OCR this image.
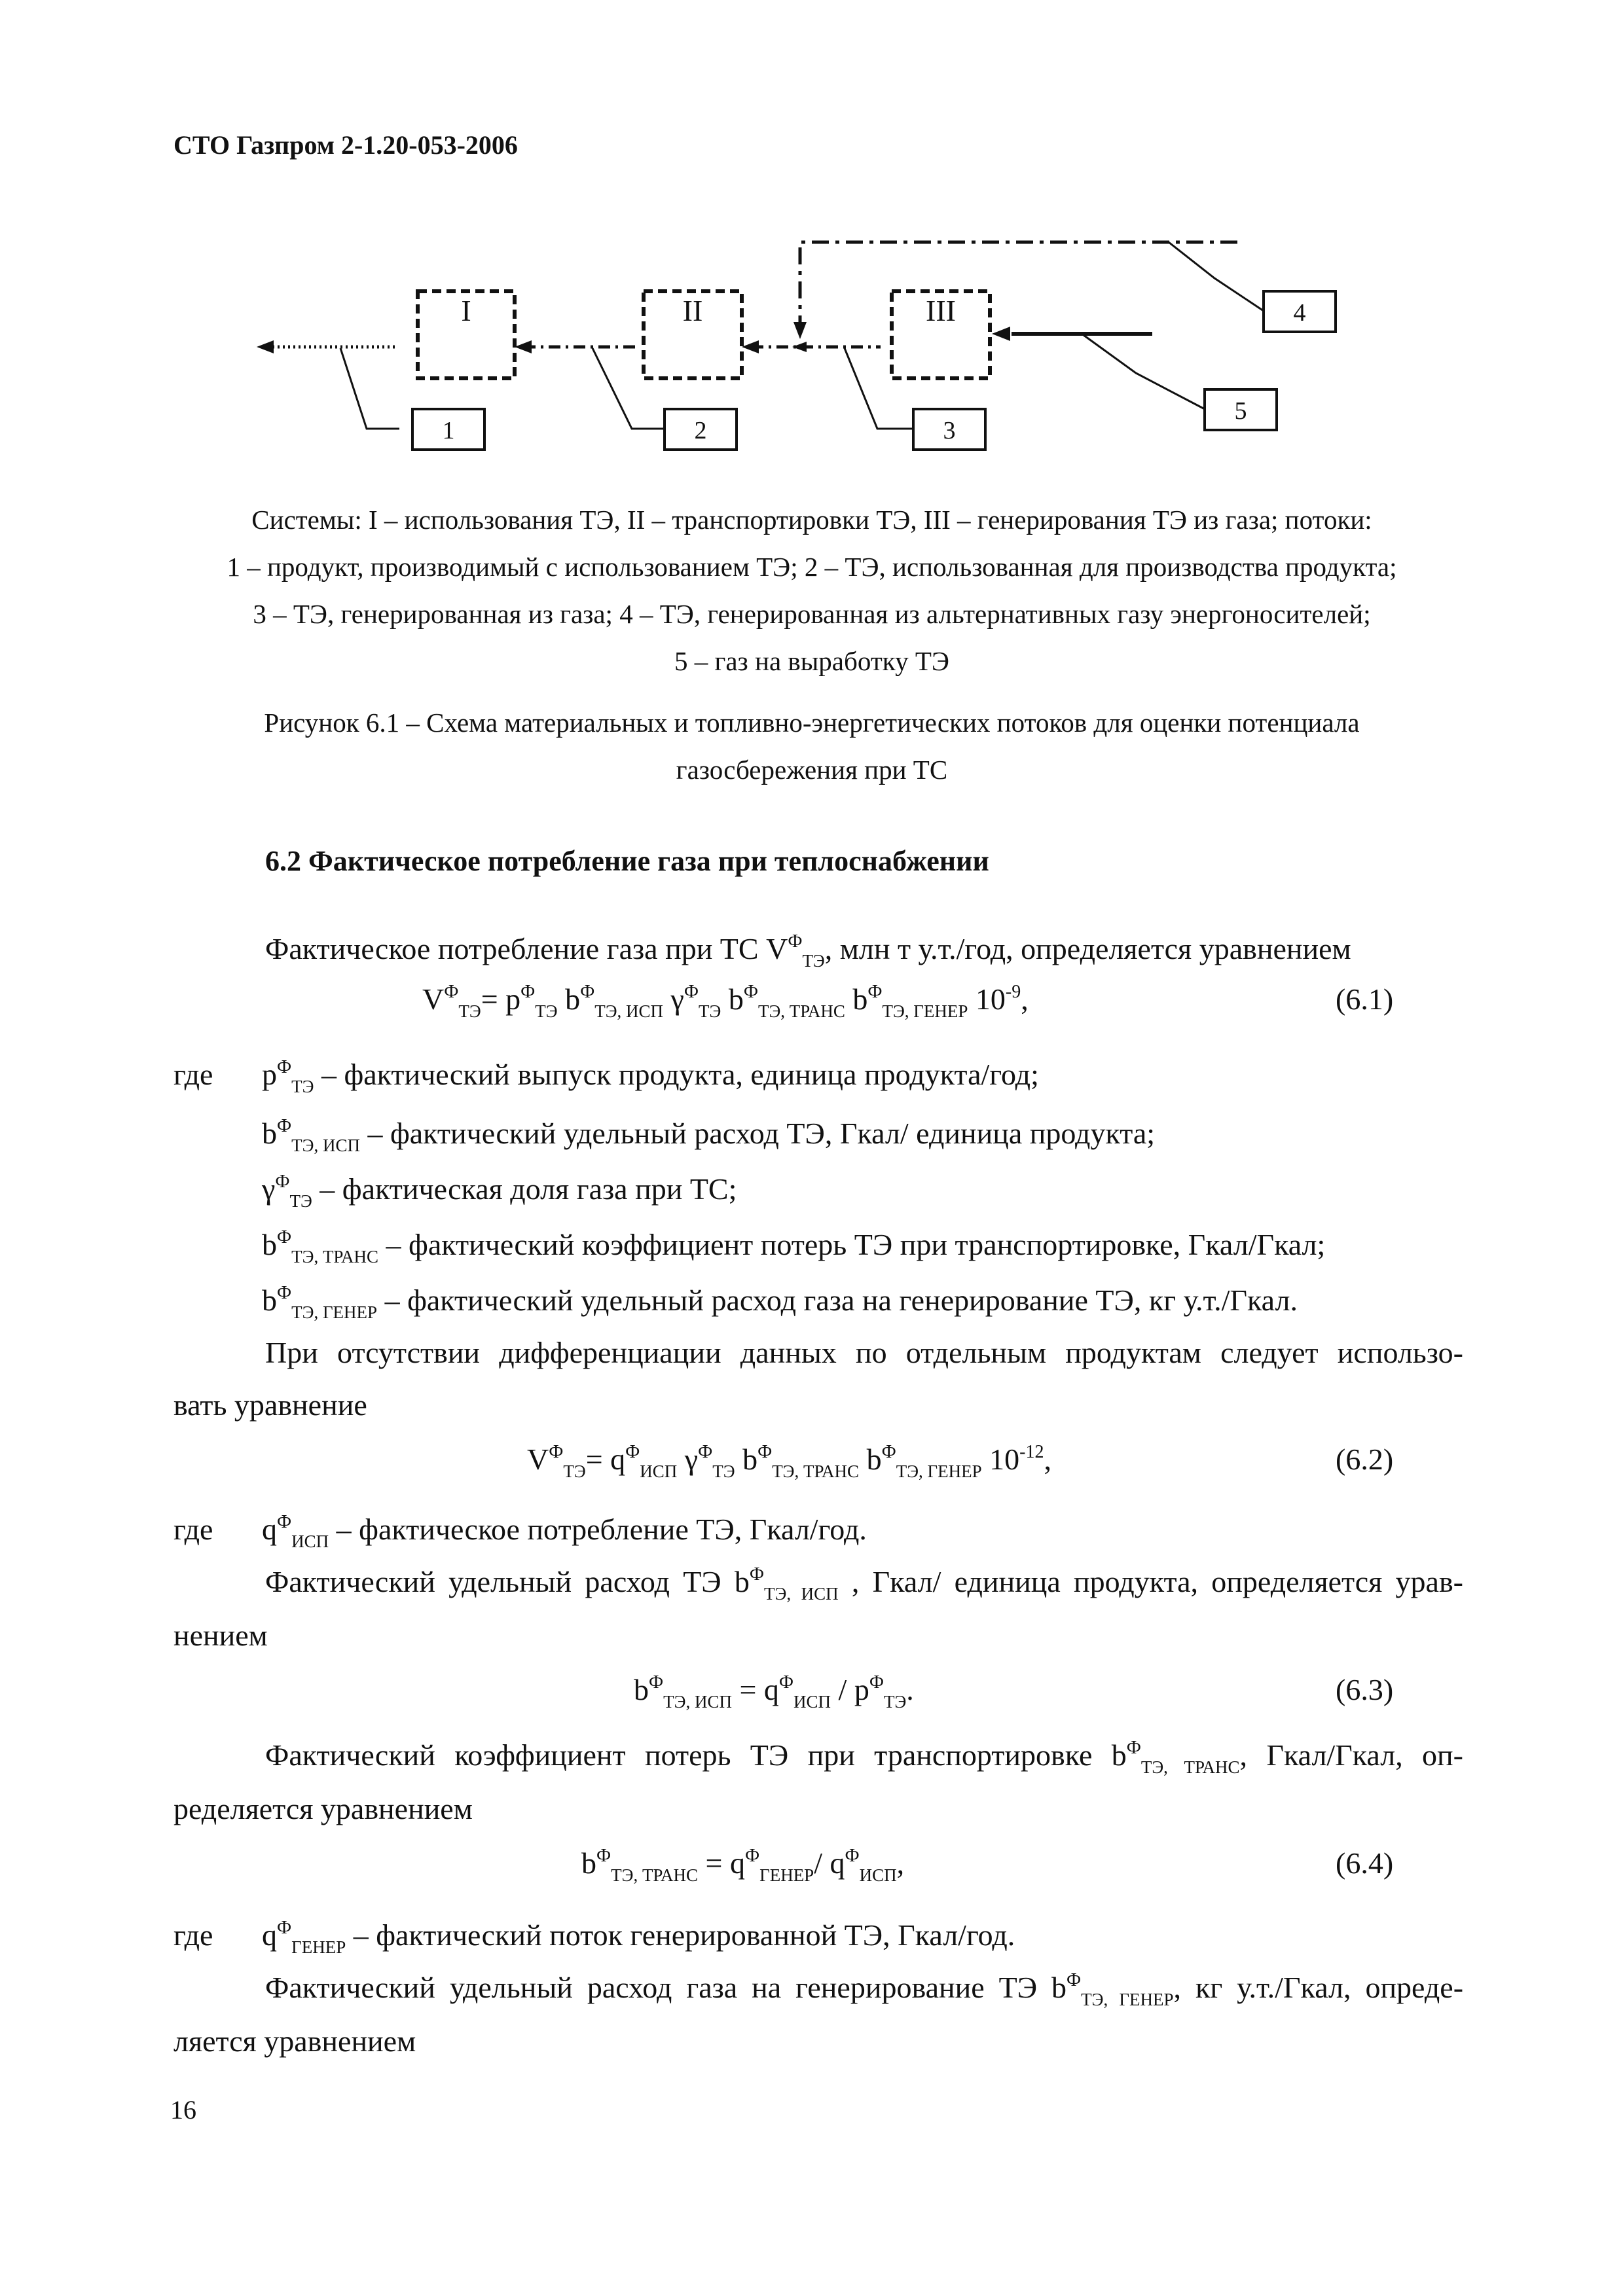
СТО Газпром 2-1.20-053-2006
I	II	III
1	2	3
4
5
Системы: I – использования ТЭ, II – транспортировки ТЭ, III – генерирования ТЭ из газа; потоки:
1 – продукт, производимый с использованием ТЭ; 2 – ТЭ, использованная для производства продукта;
3 – ТЭ, генерированная из газа; 4 – ТЭ, генерированная из альтернативных газу энергоносителей;
5 – газ на выработку ТЭ
Рисунок 6.1 – Схема материальных и топливно-энергетических потоков для оценки потенциала
газосбережения при ТС
6.2 Фактическое потребление газа при теплоснабжении
Фактическое потребление газа при ТС $V^Ф_{ТЭ}$, млн т у.т./год, определяется уравнением
$V^Ф_{ТЭ}= p^Ф_{ТЭ}$ $b^Ф_{ТЭ, ИСП}$ $\gamma^Ф_{ТЭ}$ $b^Ф_{ТЭ, ТРАНС}$ $b^Ф_{ТЭ, ГЕНЕР}$ $10^{-9}$,	(6.1)
где $p^Ф_{ТЭ}$ – фактический выпуск продукта, единица продукта/год;
$b^Ф_{ТЭ, ИСП}$ – фактический удельный расход ТЭ, Гкал/ единица продукта;
$\gamma^Ф_{ТЭ}$ – фактическая доля газа при ТС;
$b^Ф_{ТЭ, ТРАНС}$ – фактический коэффициент потерь ТЭ при транспортировке, Гкал/Гкал;
$b^Ф_{ТЭ, ГЕНЕР}$ – фактический удельный расход газа на генерирование ТЭ, кг у.т./Гкал.
При отсутствии дифференциации данных по отдельным продуктам следует использо-
вать уравнение
$V^Ф_{ТЭ}= q^Ф_{ИСП}$ $\gamma^Ф_{ТЭ}$ $b^Ф_{ТЭ, ТРАНС}$ $b^Ф_{ТЭ, ГЕНЕР}$ $10^{-12}$,	(6.2)
где $q^Ф_{ИСП}$ – фактическое потребление ТЭ, Гкал/год.
Фактический удельный расход ТЭ $b^Ф_{ТЭ, ИСП}$ , Гкал/ единица продукта, определяется урав-
нением
$b^Ф_{ТЭ, ИСП} = q^Ф_{ИСП} / p^Ф_{ТЭ}$.	(6.3)
Фактический коэффициент потерь ТЭ при транспортировке $b^Ф_{ТЭ, ТРАНС}$, Гкал/Гкал, оп-
ределяется уравнением
$b^Ф_{ТЭ, ТРАНС} = q^Ф_{ГЕНЕР}/$ $q^Ф_{ИСП}$,	(6.4)
где $q^Ф_{ГЕНЕР}$ – фактический поток генерированной ТЭ, Гкал/год.
Фактический удельный расход газа на генерирование ТЭ $b^Ф_{ТЭ, ГЕНЕР}$, кг у.т./Гкал, опреде-
ляется уравнением
16
